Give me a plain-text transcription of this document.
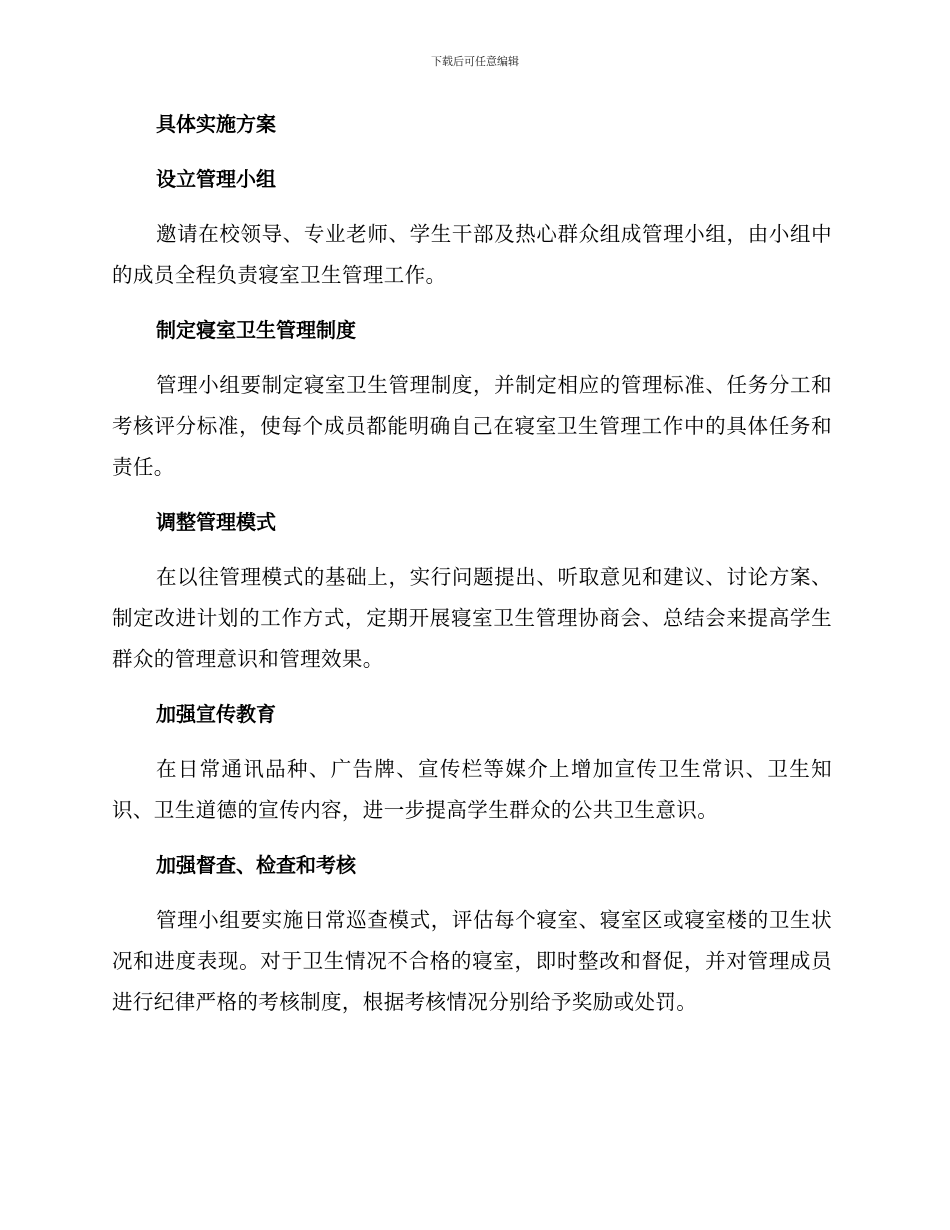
下载后可任意编辑
具体实施方案
设立管理小组
邀请在校领导、专业老师、学生干部及热心群众组成管理小组，由小组中的成员全程负责寝室卫生管理工作。
制定寝室卫生管理制度
管理小组要制定寝室卫生管理制度，并制定相应的管理标准、任务分工和考核评分标准，使每个成员都能明确自己在寝室卫生管理工作中的具体任务和责任。
调整管理模式
在以往管理模式的基础上，实行问题提出、听取意见和建议、讨论方案、制定改进计划的工作方式，定期开展寝室卫生管理协商会、总结会来提高学生群众的管理意识和管理效果。
加强宣传教育
在日常通讯品种、广告牌、宣传栏等媒介上增加宣传卫生常识、卫生知识、卫生道德的宣传内容，进一步提高学生群众的公共卫生意识。
加强督查、检查和考核
管理小组要实施日常巡查模式，评估每个寝室、寝室区或寝室楼的卫生状况和进度表现。对于卫生情况不合格的寝室，即时整改和督促，并对管理成员进行纪律严格的考核制度，根据考核情况分别给予奖励或处罚。
